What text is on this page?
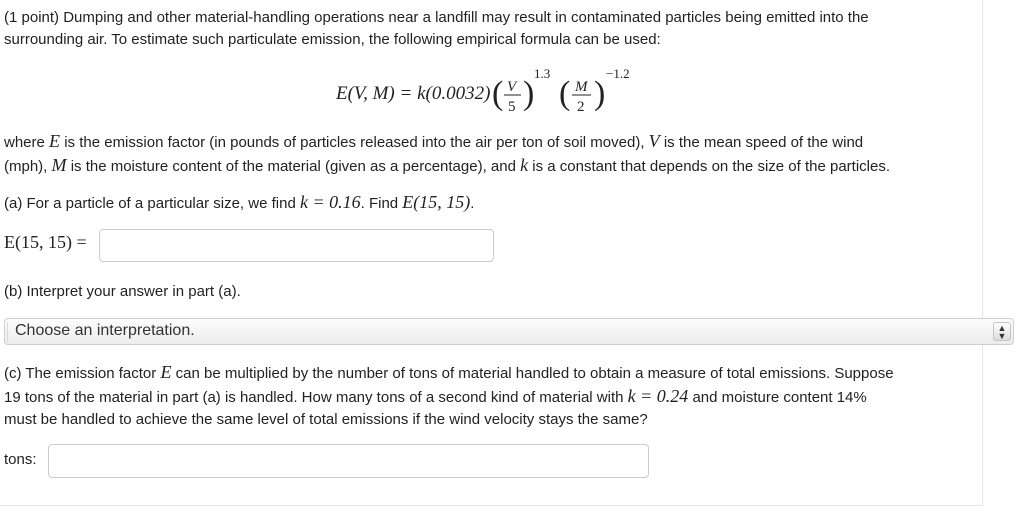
(1 point) Dumping and other material-handling operations near a landfill may result in contaminated particles being emitted into the
surrounding air. To estimate such particulate emission, the following empirical formula can be used:
E(V, M) = k(0.0032) ( V
5 )
1.3
( M
2 )
−1.2
where E is the emission factor (in pounds of particles released into the air per ton of soil moved), V is the mean speed of the wind
(mph), M is the moisture content of the material (given as a percentage), and k is a constant that depends on the size of the particles.
(a) For a particle of a particular size, we find k = 0.16. Find E(15, 15).
E(15, 15) =
(b) Interpret your answer in part (a).
Choose an interpretation.	▲
▼
(c) The emission factor E can be multiplied by the number of tons of material handled to obtain a measure of total emissions. Suppose
19 tons of the material in part (a) is handled. How many tons of a second kind of material with k = 0.24 and moisture content 14%
must be handled to achieve the same level of total emissions if the wind velocity stays the same?
tons:
